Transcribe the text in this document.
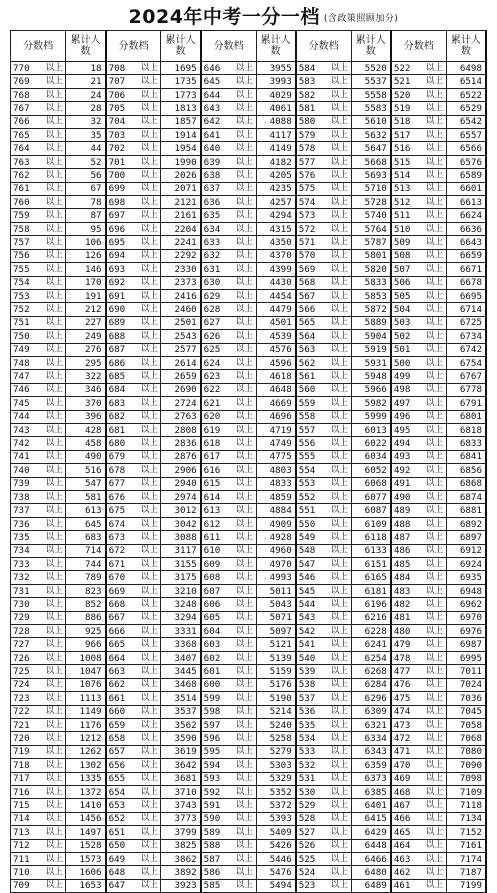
2024年中考一分一档 (含政策照顾加分)
分数档		累计人数	分数档		累计人数	分数档		累计人数	分数档		累计人数	分数档		累计人数
770	以上	18	708	以上	1695	646	以上	3955	584	以上	5520	522	以上	6498
769	以上	21	707	以上	1735	645	以上	3993	583	以上	5537	521	以上	6514
768	以上	24	706	以上	1773	644	以上	4029	582	以上	5558	520	以上	6522
767	以上	28	705	以上	1813	643	以上	4061	581	以上	5583	519	以上	6529
766	以上	32	704	以上	1857	642	以上	4088	580	以上	5610	518	以上	6542
765	以上	35	703	以上	1914	641	以上	4117	579	以上	5632	517	以上	6557
764	以上	44	702	以上	1954	640	以上	4149	578	以上	5647	516	以上	6566
763	以上	52	701	以上	1990	639	以上	4182	577	以上	5668	515	以上	6576
762	以上	56	700	以上	2026	638	以上	4205	576	以上	5693	514	以上	6589
761	以上	67	699	以上	2071	637	以上	4235	575	以上	5710	513	以上	6601
760	以上	78	698	以上	2121	636	以上	4257	574	以上	5728	512	以上	6613
759	以上	87	697	以上	2161	635	以上	4294	573	以上	5740	511	以上	6624
758	以上	95	696	以上	2204	634	以上	4315	572	以上	5764	510	以上	6636
757	以上	106	695	以上	2241	633	以上	4350	571	以上	5787	509	以上	6643
756	以上	126	694	以上	2292	632	以上	4370	570	以上	5801	508	以上	6659
755	以上	146	693	以上	2330	631	以上	4399	569	以上	5820	507	以上	6671
754	以上	170	692	以上	2373	630	以上	4430	568	以上	5833	506	以上	6678
753	以上	191	691	以上	2416	629	以上	4454	567	以上	5853	505	以上	6695
752	以上	212	690	以上	2460	628	以上	4479	566	以上	5872	504	以上	6714
751	以上	227	689	以上	2501	627	以上	4501	565	以上	5889	503	以上	6725
750	以上	249	688	以上	2543	626	以上	4539	564	以上	5904	502	以上	6734
749	以上	276	687	以上	2577	625	以上	4576	563	以上	5919	501	以上	6742
748	以上	295	686	以上	2614	624	以上	4596	562	以上	5931	500	以上	6754
747	以上	322	685	以上	2659	623	以上	4618	561	以上	5948	499	以上	6767
746	以上	346	684	以上	2690	622	以上	4648	560	以上	5966	498	以上	6778
745	以上	370	683	以上	2724	621	以上	4669	559	以上	5982	497	以上	6791
744	以上	396	682	以上	2763	620	以上	4696	558	以上	5999	496	以上	6801
743	以上	428	681	以上	2808	619	以上	4719	557	以上	6013	495	以上	6818
742	以上	458	680	以上	2836	618	以上	4749	556	以上	6022	494	以上	6833
741	以上	490	679	以上	2876	617	以上	4775	555	以上	6034	493	以上	6841
740	以上	516	678	以上	2906	616	以上	4803	554	以上	6052	492	以上	6856
739	以上	547	677	以上	2940	615	以上	4833	553	以上	6068	491	以上	6868
738	以上	581	676	以上	2974	614	以上	4859	552	以上	6077	490	以上	6874
737	以上	613	675	以上	3012	613	以上	4884	551	以上	6087	489	以上	6881
736	以上	645	674	以上	3042	612	以上	4909	550	以上	6109	488	以上	6892
735	以上	683	673	以上	3088	611	以上	4928	549	以上	6118	487	以上	6897
734	以上	714	672	以上	3117	610	以上	4960	548	以上	6133	486	以上	6912
733	以上	744	671	以上	3155	609	以上	4970	547	以上	6151	485	以上	6924
732	以上	789	670	以上	3175	608	以上	4993	546	以上	6165	484	以上	6935
731	以上	823	669	以上	3210	607	以上	5011	545	以上	6181	483	以上	6948
730	以上	852	668	以上	3248	606	以上	5043	544	以上	6196	482	以上	6962
729	以上	886	667	以上	3294	605	以上	5071	543	以上	6216	481	以上	6970
728	以上	925	666	以上	3331	604	以上	5097	542	以上	6228	480	以上	6976
727	以上	966	665	以上	3368	603	以上	5121	541	以上	6241	479	以上	6987
726	以上	1008	664	以上	3407	602	以上	5139	540	以上	6254	478	以上	6995
725	以上	1047	663	以上	3445	601	以上	5159	539	以上	6268	477	以上	7011
724	以上	1076	662	以上	3468	600	以上	5176	538	以上	6284	476	以上	7024
723	以上	1113	661	以上	3514	599	以上	5190	537	以上	6296	475	以上	7036
722	以上	1149	660	以上	3537	598	以上	5214	536	以上	6309	474	以上	7045
721	以上	1176	659	以上	3562	597	以上	5240	535	以上	6321	473	以上	7058
720	以上	1212	658	以上	3590	596	以上	5258	534	以上	6334	472	以上	7068
719	以上	1262	657	以上	3619	595	以上	5279	533	以上	6343	471	以上	7080
718	以上	1302	656	以上	3642	594	以上	5303	532	以上	6359	470	以上	7090
717	以上	1335	655	以上	3681	593	以上	5329	531	以上	6373	469	以上	7098
716	以上	1372	654	以上	3710	592	以上	5352	530	以上	6385	468	以上	7109
715	以上	1410	653	以上	3743	591	以上	5372	529	以上	6401	467	以上	7118
714	以上	1456	652	以上	3773	590	以上	5393	528	以上	6415	466	以上	7134
713	以上	1497	651	以上	3799	589	以上	5409	527	以上	6429	465	以上	7152
712	以上	1528	650	以上	3825	588	以上	5426	526	以上	6448	464	以上	7161
711	以上	1573	649	以上	3862	587	以上	5446	525	以上	6466	463	以上	7174
710	以上	1606	648	以上	3892	586	以上	5476	524	以上	6480	462	以上	7187
709	以上	1653	647	以上	3923	585	以上	5494	523	以上	6489	461	以上	7199
